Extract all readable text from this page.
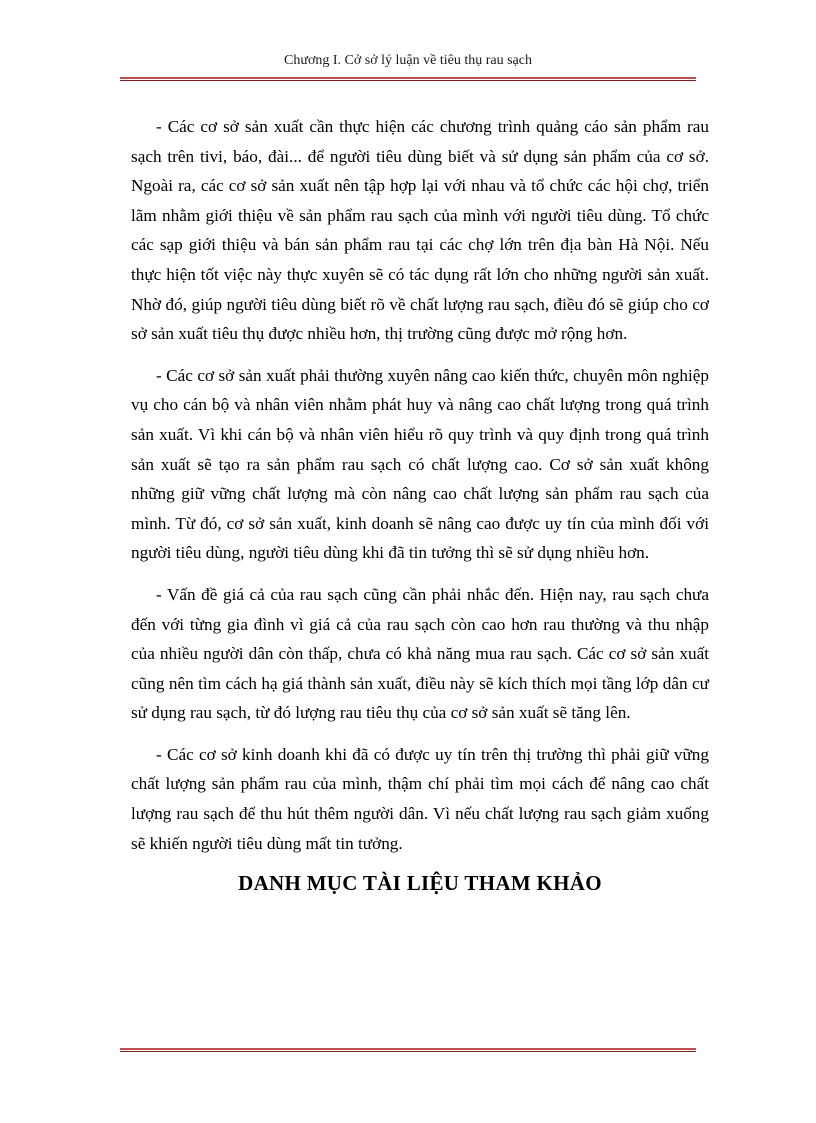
Chương I. Cở sở lý luận về tiêu thụ rau sạch

- Các cơ sở sản xuất cần thực hiện các chương trình quảng cáo sản phẩm rau sạch trên tivi, báo, đài... để người tiêu dùng biết và sử dụng sản phẩm của cơ sở. Ngoài ra, các cơ sở sản xuất nên tập hợp lại với nhau và tổ chức các hội chợ, triển lãm nhằm giới thiệu về sản phẩm rau sạch của mình với người tiêu dùng. Tổ chức các sạp giới thiệu và bán sản phẩm rau tại các chợ lớn trên địa bàn Hà Nội. Nếu thực hiện tốt việc này thực xuyên sẽ có tác dụng rất lớn cho những người sản xuất. Nhờ đó, giúp người tiêu dùng biết rõ về chất lượng rau sạch, điều đó sẽ giúp cho cơ sở sản xuất tiêu thụ được nhiều hơn, thị trường cũng được mở rộng hơn.

- Các cơ sở sản xuất phải thường xuyên nâng cao kiến thức, chuyên môn nghiệp vụ cho cán bộ và nhân viên nhằm phát huy và nâng cao chất lượng trong quá trình sản xuất. Vì khi cán bộ và nhân viên hiểu rõ quy trình và quy định trong quá trình sản xuất sẽ tạo ra sản phẩm rau sạch có chất lượng cao. Cơ sở sản xuất không những giữ vững chất lượng mà còn nâng cao chất lượng sản phẩm rau sạch của mình. Từ đó, cơ sở sản xuất, kinh doanh sẽ nâng cao được uy tín của mình đối với người tiêu dùng, người tiêu dùng khi đã tin tưởng thì sẽ sử dụng nhiều hơn.

- Vấn đề giá cả của rau sạch cũng cần phải nhắc đến. Hiện nay, rau sạch chưa đến với từng gia đình vì giá cả của rau sạch còn cao hơn rau thường và thu nhập của nhiều người dân còn thấp, chưa có khả năng mua rau sạch. Các cơ sở sản xuất cũng nên tìm cách hạ giá thành sản xuất, điều này sẽ kích thích mọi tầng lớp dân cư sử dụng rau sạch, từ đó lượng rau tiêu thụ của cơ sở sản xuất sẽ tăng lên.

- Các cơ sở kinh doanh khi đã có được uy tín trên thị trường thì phải giữ vững chất lượng sản phẩm rau của mình, thậm chí phải tìm mọi cách để nâng cao chất lượng rau sạch để thu hút thêm người dân. Vì nếu chất lượng rau sạch giảm xuống sẽ khiến người tiêu dùng mất tin tưởng.

DANH MỤC TÀI LIỆU THAM KHẢO
